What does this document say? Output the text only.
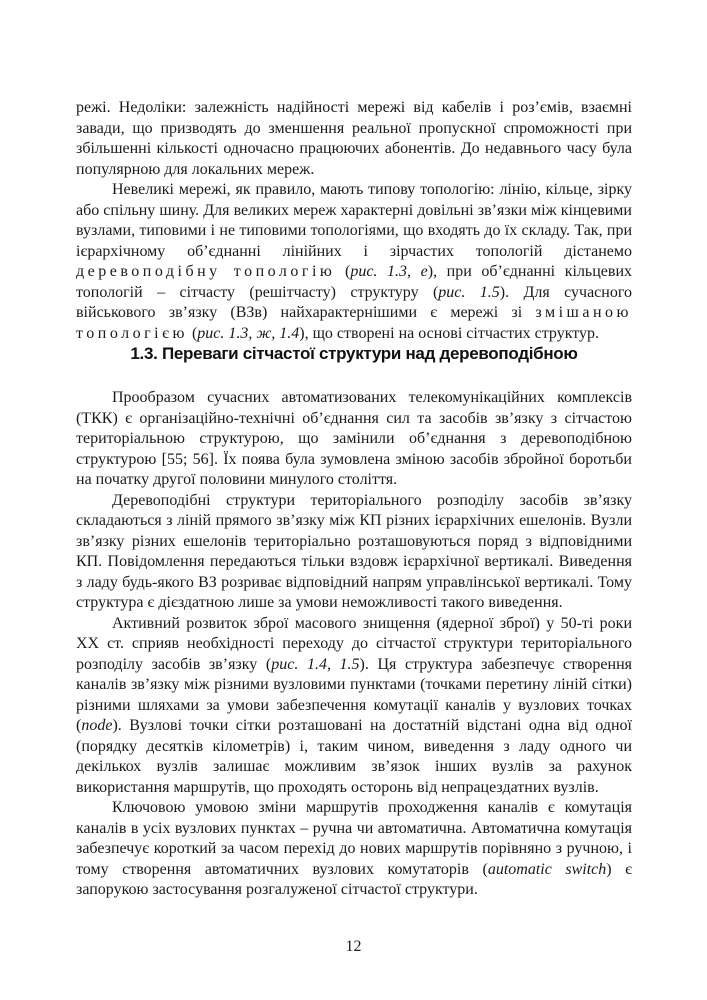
режі. Недоліки: залежність надійності мережі від кабелів і роз’ємів, взаємні завади, що призводять до зменшення реальної пропускної спроможності при збільшенні кількості одночасно працюючих абонентів. До недавнього часу була популярною для локальних мереж.

Невеликі мережі, як правило, мають типову топологію: лінію, кільце, зірку або спільну шину. Для великих мереж характерні довільні зв’язки між кінцевими вузлами, типовими і не типовими топологіями, що входять до їх складу. Так, при ієрархічному об’єднанні лінійних і зірчастих топологій дістанемо деревоподібну топологію (рис. 1.3, е), при об’єднанні кільцевих топологій – сітчасту (решітчасту) структуру (рис. 1.5). Для сучасного військового зв’язку (ВЗв) найхарактернішими є мережі зі змішаною топологією (рис. 1.3, ж, 1.4), що створені на основі сітчастих структур.

1.3. Переваги сітчастої структури над деревоподібною

Прообразом сучасних автоматизованих телекомунікаційних комплексів (ТКК) є організаційно-технічні об’єднання сил та засобів зв’язку з сітчастою територіальною структурою, що замінили об’єднання з деревоподібною структурою [55; 56]. Їх поява була зумовлена зміною засобів збройної боротьби на початку другої половини минулого століття.

Деревоподібні структури територіального розподілу засобів зв’язку складаються з ліній прямого зв’язку між КП різних ієрархічних ешелонів. Вузли зв’язку різних ешелонів територіально розташовуються поряд з відповідними КП. Повідомлення передаються тільки вздовж ієрархічної вертикалі. Виведення з ладу будь-якого ВЗ розриває відповідний напрям управлінської вертикалі. Тому структура є дієздатною лише за умови неможливості такого виведення.

Активний розвиток зброї масового знищення (ядерної зброї) у 50-ті роки XX ст. сприяв необхідності переходу до сітчастої структури територіального розподілу засобів зв’язку (рис. 1.4, 1.5). Ця структура забезпечує створення каналів зв’язку між різними вузловими пунктами (точками перетину ліній сітки) різними шляхами за умови забезпечення комутації каналів у вузлових точках (node). Вузлові точки сітки розташовані на достатній відстані одна від одної (порядку десятків кілометрів) і, таким чином, виведення з ладу одного чи декількох вузлів залишає можливим зв’язок інших вузлів за рахунок використання маршрутів, що проходять осторонь від непрацездатних вузлів.

Ключовою умовою зміни маршрутів проходження каналів є комутація каналів в усіх вузлових пунктах – ручна чи автоматична. Автоматична комутація забезпечує короткий за часом перехід до нових маршрутів порівняно з ручною, і тому створення автоматичних вузлових комутаторів (automatic switch) є запорукою застосування розгалуженої сітчастої структури.

12
